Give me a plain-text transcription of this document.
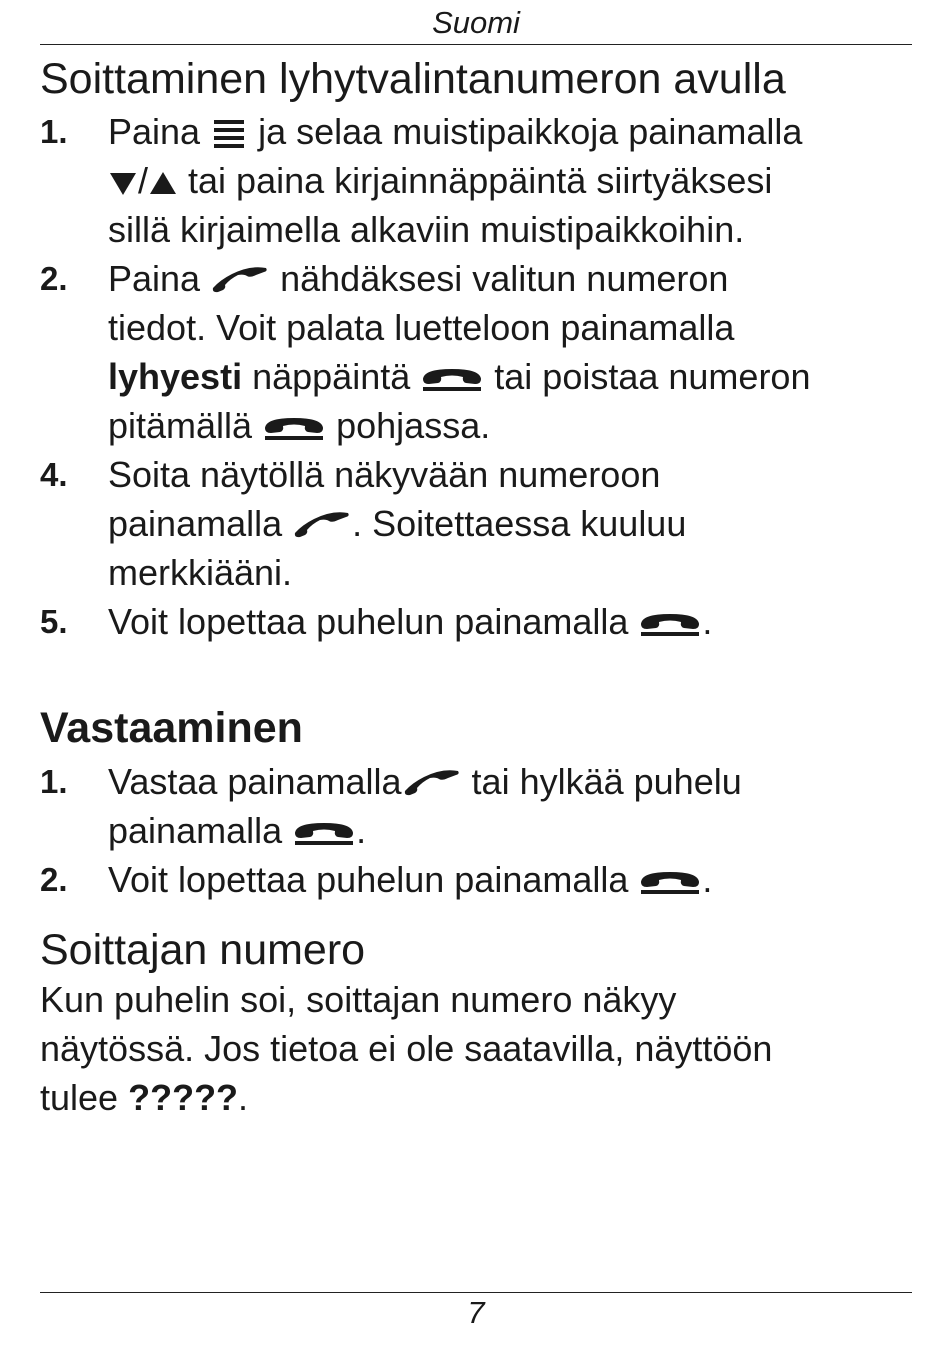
Suomi
Soittaminen lyhytvalintanumeron avulla
1. Paina ja selaa muistipaikkoja painamalla
/ tai paina kirjainnäppäintä siirtyäksesi
sillä kirjaimella alkaviin muistipaikkoihin.
2. Paina nähdäksesi valitun numeron
tiedot. Voit palata luetteloon painamalla
lyhyesti näppäintä tai poistaa numeron
pitämällä pohjassa.
4. Soita näytöllä näkyvään numeroon
painamalla . Soitettaessa kuuluu
merkkiääni.
5. Voit lopettaa puhelun painamalla .
Vastaaminen
1. Vastaa painamalla tai hylkää puhelu
painamalla .
2. Voit lopettaa puhelun painamalla .
Soittajan numero
Kun puhelin soi, soittajan numero näkyy
näytössä. Jos tietoa ei ole saatavilla, näyttöön
tulee ?????.
7
